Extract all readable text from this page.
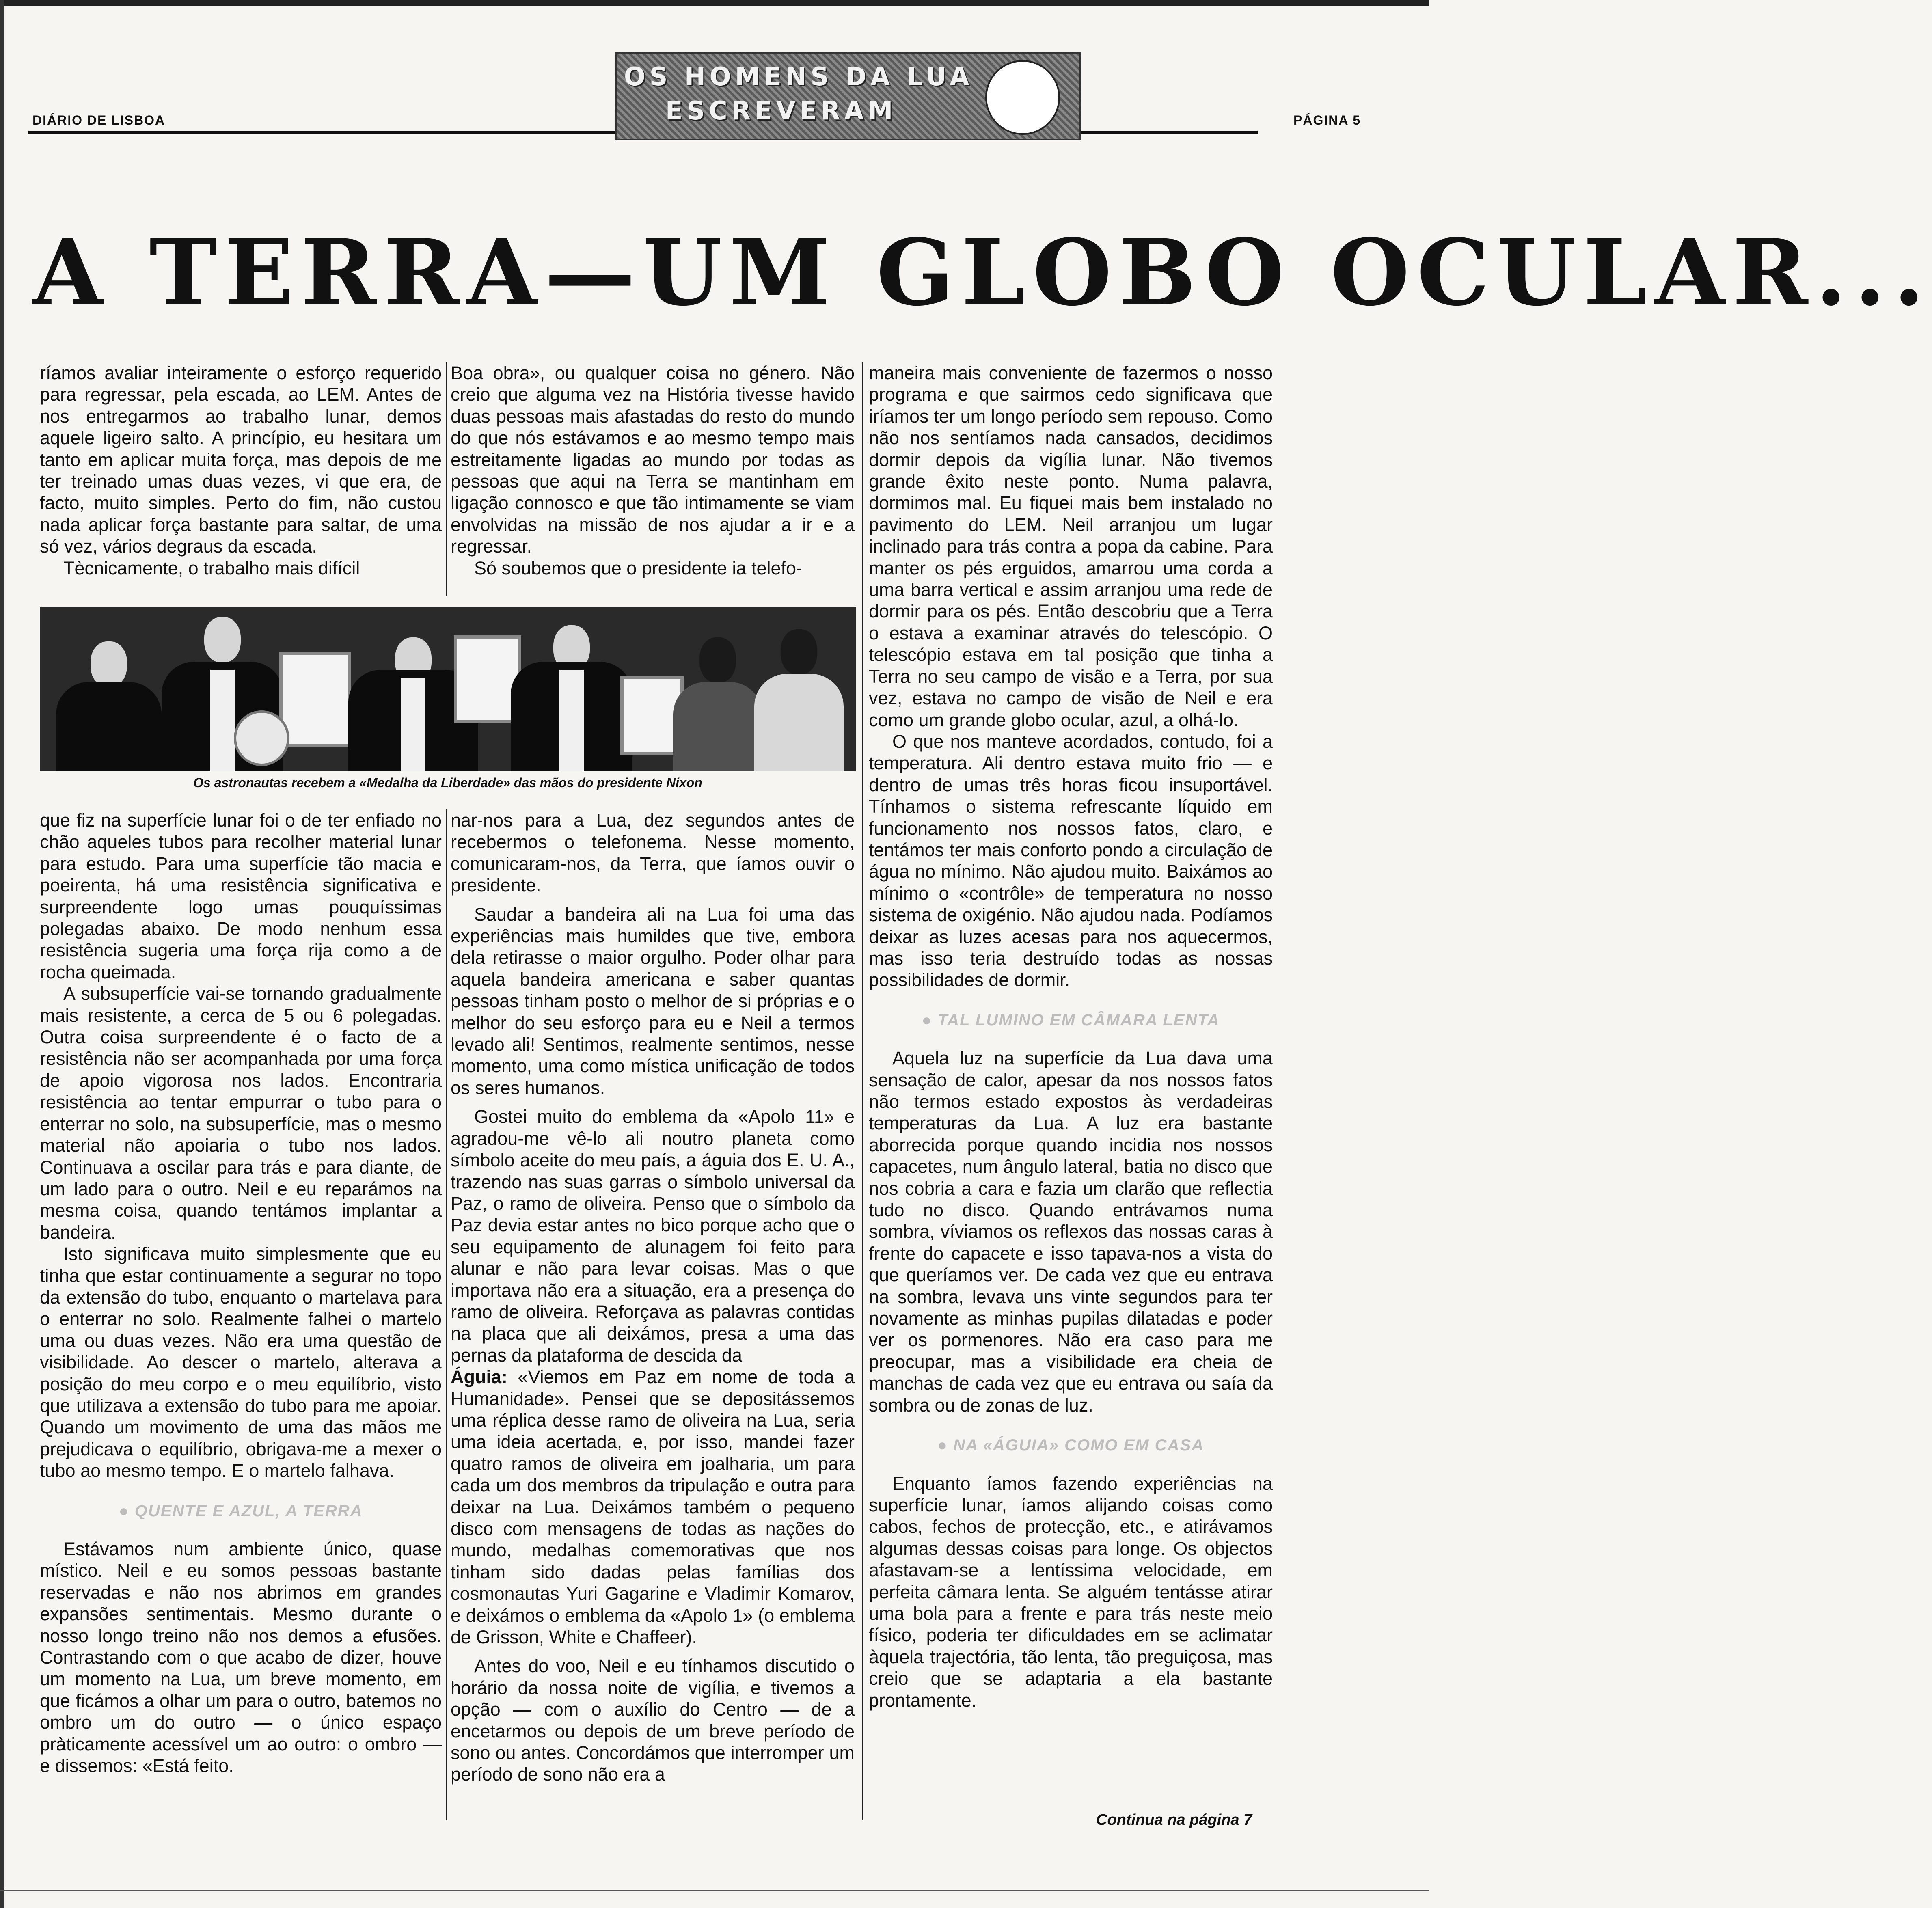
DIÁRIO DE LISBOA	PÁGINA 5
OS HOMENS DA LUA
ESCREVERAM
A TERRA—UM GLOBO OCULAR...

ríamos avaliar inteiramente o esforço requerido para regressar, pela escada, ao LEM. Antes de nos entregarmos ao trabalho lunar, demos aquele ligeiro salto. A princípio, eu hesitara um tanto em aplicar muita força, mas depois de me ter treinado umas duas vezes, vi que era, de facto, muito simples. Perto do fim, não custou nada aplicar força bastante para saltar, de uma só vez, vários degraus da escada.

Tècnicamente, o trabalho mais difícil

Boa obra», ou qualquer coisa no género. Não creio que alguma vez na História tivesse havido duas pessoas mais afastadas do resto do mundo do que nós estávamos e ao mesmo tempo mais estreitamente ligadas ao mundo por todas as pessoas que aqui na Terra se mantinham em ligação connosco e que tão intimamente se viam envolvidas na missão de nos ajudar a ir e a regressar.

Só soubemos que o presidente ia telefo-

Os astronautas recebem a «Medalha da Liberdade» das mãos do presidente Nixon

que fiz na superfície lunar foi o de ter enfiado no chão aqueles tubos para recolher material lunar para estudo. Para uma superfície tão macia e poeirenta, há uma resistência significativa e surpreendente logo umas pouquíssimas polegadas abaixo. De modo nenhum essa resistência sugeria uma força rija como a de rocha queimada.

A subsuperfície vai-se tornando gradualmente mais resistente, a cerca de 5 ou 6 polegadas. Outra coisa surpreendente é o facto de a resistência não ser acompanhada por uma força de apoio vigorosa nos lados. Encontraria resistência ao tentar empurrar o tubo para o enterrar no solo, na subsuperfície, mas o mesmo material não apoiaria o tubo nos lados. Continuava a oscilar para trás e para diante, de um lado para o outro. Neil e eu reparámos na mesma coisa, quando tentámos implantar a bandeira.

Isto significava muito simplesmente que eu tinha que estar continuamente a segurar no topo da extensão do tubo, enquanto o martelava para o enterrar no solo. Realmente falhei o martelo uma ou duas vezes. Não era uma questão de visibilidade. Ao descer o martelo, alterava a posição do meu corpo e o meu equilíbrio, visto que utilizava a extensão do tubo para me apoiar. Quando um movimento de uma das mãos me prejudicava o equilíbrio, obrigava-me a mexer o tubo ao mesmo tempo. E o martelo falhava.

● QUENTE E AZUL, A TERRA

Estávamos num ambiente único, quase místico. Neil e eu somos pessoas bastante reservadas e não nos abrimos em grandes expansões sentimentais. Mesmo durante o nosso longo treino não nos demos a efusões. Contrastando com o que acabo de dizer, houve um momento na Lua, um breve momento, em que ficámos a olhar um para o outro, batemos no ombro um do outro — o único espaço pràticamente acessível um ao outro: o ombro — e dissemos: «Está feito.

nar-nos para a Lua, dez segundos antes de recebermos o telefonema. Nesse momento, comunicaram-nos, da Terra, que íamos ouvir o presidente.

Saudar a bandeira ali na Lua foi uma das experiências mais humildes que tive, embora dela retirasse o maior orgulho. Poder olhar para aquela bandeira americana e saber quantas pessoas tinham posto o melhor de si próprias e o melhor do seu esforço para eu e Neil a termos levado ali! Sentimos, realmente sentimos, nesse momento, uma como mística unificação de todos os seres humanos.

Gostei muito do emblema da «Apolo 11» e agradou-me vê-lo ali noutro planeta como símbolo aceite do meu país, a águia dos E. U. A., trazendo nas suas garras o símbolo universal da Paz, o ramo de oliveira. Penso que o símbolo da Paz devia estar antes no bico porque acho que o seu equipamento de alunagem foi feito para alunar e não para levar coisas. Mas o que importava não era a situação, era a presença do ramo de oliveira. Reforçava as palavras contidas na placa que ali deixámos, presa a uma das pernas da plataforma de descida da

Águia: «Viemos em Paz em nome de toda a Humanidade». Pensei que se depositássemos uma réplica desse ramo de oliveira na Lua, seria uma ideia acertada, e, por isso, mandei fazer quatro ramos de oliveira em joalharia, um para cada um dos membros da tripulação e outra para deixar na Lua. Deixámos também o pequeno disco com mensagens de todas as nações do mundo, medalhas comemorativas que nos tinham sido dadas pelas famílias dos cosmonautas Yuri Gagarine e Vladimir Komarov, e deixámos o emblema da «Apolo 1» (o emblema de Grisson, White e Chaffeer).

Antes do voo, Neil e eu tínhamos discutido o horário da nossa noite de vigília, e tivemos a opção — com o auxílio do Centro — de a encetarmos ou depois de um breve período de sono ou antes. Concordámos que interromper um período de sono não era a

maneira mais conveniente de fazermos o nosso programa e que sairmos cedo significava que iríamos ter um longo período sem repouso. Como não nos sentíamos nada cansados, decidimos dormir depois da vigília lunar. Não tivemos grande êxito neste ponto. Numa palavra, dormimos mal. Eu fiquei mais bem instalado no pavimento do LEM. Neil arranjou um lugar inclinado para trás contra a popa da cabine. Para manter os pés erguidos, amarrou uma corda a uma barra vertical e assim arranjou uma rede de dormir para os pés. Então descobriu que a Terra o estava a examinar através do telescópio. O telescópio estava em tal posição que tinha a Terra no seu campo de visão e a Terra, por sua vez, estava no campo de visão de Neil e era como um grande globo ocular, azul, a olhá-lo.

O que nos manteve acordados, contudo, foi a temperatura. Ali dentro estava muito frio — e dentro de umas três horas ficou insuportável. Tínhamos o sistema refrescante líquido em funcionamento nos nossos fatos, claro, e tentámos ter mais conforto pondo a circulação de água no mínimo. Não ajudou muito. Baixámos ao mínimo o «contrôle» de temperatura no nosso sistema de oxigénio. Não ajudou nada. Podíamos deixar as luzes acesas para nos aquecermos, mas isso teria destruído todas as nossas possibilidades de dormir.

● TAL LUMINO EM CÂMARA LENTA

Aquela luz na superfície da Lua dava uma sensação de calor, apesar da nos nossos fatos não termos estado expostos às verdadeiras temperaturas da Lua. A luz era bastante aborrecida porque quando incidia nos nossos capacetes, num ângulo lateral, batia no disco que nos cobria a cara e fazia um clarão que reflectia tudo no disco. Quando entrávamos numa sombra, víviamos os reflexos das nossas caras à frente do capacete e isso tapava-nos a vista do que queríamos ver. De cada vez que eu entrava na sombra, levava uns vinte segundos para ter novamente as minhas pupilas dilatadas e poder ver os pormenores. Não era caso para me preocupar, mas a visibilidade era cheia de manchas de cada vez que eu entrava ou saía da sombra ou de zonas de luz.

● NA «ÁGUIA» COMO EM CASA

Enquanto íamos fazendo experiências na superfície lunar, íamos alijando coisas como cabos, fechos de protecção, etc., e atirávamos algumas dessas coisas para longe. Os objectos afastavam-se a lentíssima velocidade, em perfeita câmara lenta. Se alguém tentásse atirar uma bola para a frente e para trás neste meio físico, poderia ter dificuldades em se aclimatar àquela trajectória, tão lenta, tão preguiçosa, mas creio que se adaptaria a ela bastante prontamente.

Continua na página 7
